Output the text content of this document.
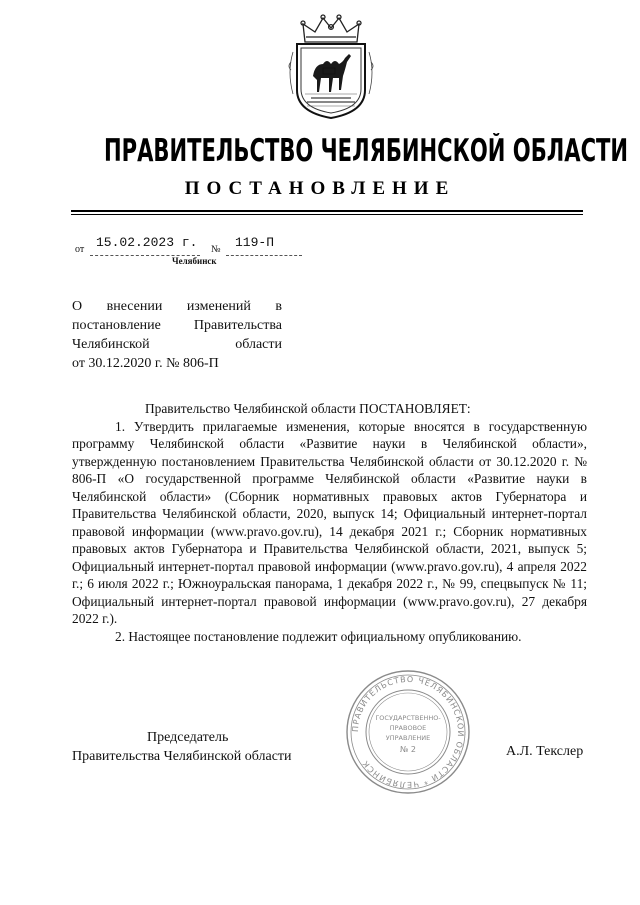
ПРАВИТЕЛЬСТВО ЧЕЛЯБИНСКОЙ ОБЛАСТИ
ПОСТАНОВЛЕНИЕ
от 15.02.2023 г. № 119-П
Челябинск
О внесении изменений в
постановление Правительства
Челябинской области
от 30.12.2020 г. № 806-П

Правительство Челябинской области ПОСТАНОВЛЯЕТ:

1. Утвердить прилагаемые изменения, которые вносятся в государственную программу Челябинской области «Развитие науки в Челябинской области», утвержденную постановлением Правительства Челябинской области от 30.12.2020 г. № 806-П «О государственной программе Челябинской области «Развитие науки в Челябинской области» (Сборник нормативных правовых актов Губернатора и Правительства Челябинской области, 2020, выпуск 14; Официальный интернет-портал правовой информации (www.pravo.gov.ru), 14 декабря 2021 г.; Сборник нормативных правовых актов Губернатора и Правительства Челябинской области, 2021, выпуск 5; Официальный интернет-портал правовой информации (www.pravo.gov.ru), 4 апреля 2022 г.; 6 июля 2022 г.; Южноуральская панорама, 1 декабря 2022 г., № 99, спецвыпуск № 11; Официальный интернет-портал правовой информации (www.pravo.gov.ru), 27 декабря 2022 г.).

2. Настоящее постановление подлежит официальному опубликованию.

Председатель
Правительства Челябинской области	А.Л. Текслер
ПРАВИТЕЛЬСТВО ЧЕЛЯБИНСКОЙ ОБЛАСТИ * ЧЕЛЯБИНСК
ГОСУДАРСТВЕННО-
ПРАВОВОЕ
УПРАВЛЕНИЕ
№ 2
